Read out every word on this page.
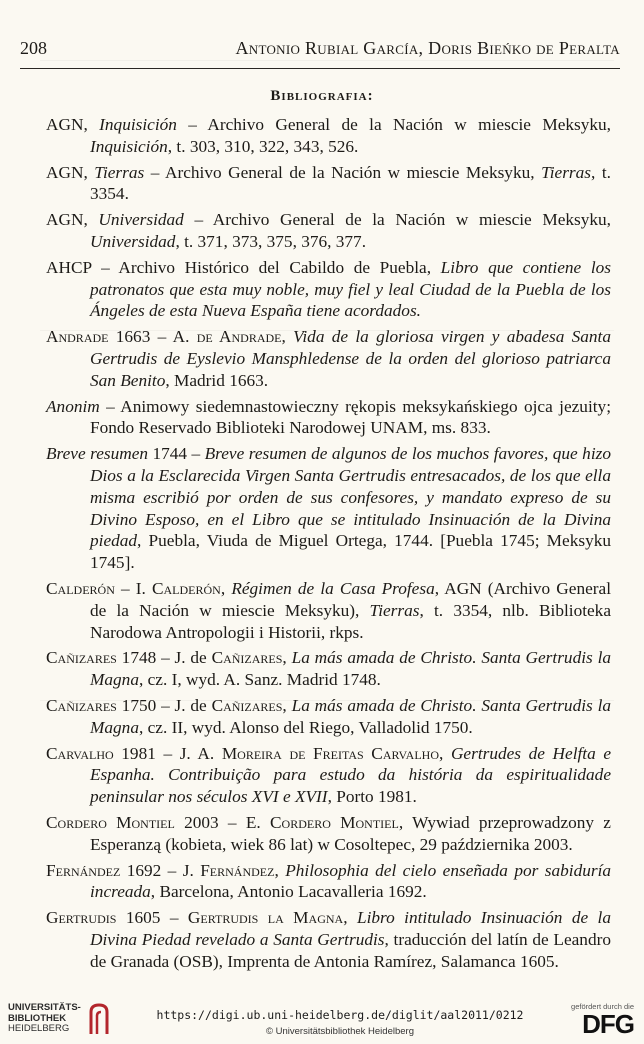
208	Antonio Rubial García, Doris Bieńko de Peralta
Bibliografia:

AGN, Inquisición – Archivo General de la Nación w miescie Meksyku, Inquisición, t. 303, 310, 322, 343, 526.

AGN, Tierras – Archivo General de la Nación w miescie Meksyku, Tierras, t. 3354.

AGN, Universidad – Archivo General de la Nación w miescie Meksyku, Universidad, t. 371, 373, 375, 376, 377.

AHCP – Archivo Histórico del Cabildo de Puebla, Libro que contiene los patronatos que esta muy noble, muy fiel y leal Ciudad de la Puebla de los Ángeles de esta Nueva España tiene acordados.

Andrade 1663 – A. de Andrade, Vida de la gloriosa virgen y abadesa Santa Gertrudis de Eyslevio Mansphledense de la orden del glorioso patriarca San Benito, Madrid 1663.

Anonim – Animowy siedemnastowieczny rękopis meksykańskiego ojca jezuity; Fondo Reservado Biblioteki Narodowej UNAM, ms. 833.

Breve resumen 1744 – Breve resumen de algunos de los muchos favores, que hizo Dios a la Esclarecida Virgen Santa Gertrudis entresacados, de los que ella misma escribió por orden de sus confesores, y mandato expreso de su Divino Esposo, en el Libro que se intitulado Insinuación de la Divina piedad, Puebla, Viuda de Miguel Ortega, 1744. [Puebla 1745; Meksyku 1745].

Calderón – I. Calderón, Régimen de la Casa Profesa, AGN (Archivo General de la Nación w miescie Meksyku), Tierras, t. 3354, nlb. Biblioteka Narodowa Antropologii i Historii, rkps.

Cañizares 1748 – J. de Cañizares, La más amada de Christo. Santa Gertrudis la Magna, cz. I, wyd. A. Sanz. Madrid 1748.

Cañizares 1750 – J. de Cañizares, La más amada de Christo. Santa Gertrudis la Magna, cz. II, wyd. Alonso del Riego, Valladolid 1750.

Carvalho 1981 – J. A. Moreira de Freitas Carvalho, Gertrudes de Helfta e Espanha. Contribuição para estudo da história da espiritualidade peninsular nos séculos XVI e XVII, Porto 1981.

Cordero Montiel 2003 – E. Cordero Montiel, Wywiad przeprowadzony z Esperanzą (kobieta, wiek 86 lat) w Cosoltepec, 29 października 2003.

Fernández 1692 – J. Fernández, Philosophia del cielo enseñada por sabiduría increada, Barcelona, Antonio Lacavalleria 1692.

Gertrudis 1605 – Gertrudis la Magna, Libro intitulado Insinuación de la Divina Piedad revelado a Santa Gertrudis, traducción del latín de Leandro de Granada (OSB), Imprenta de Antonia Ramírez, Salamanca 1605.

UNIVERSITÄTS-
BIBLIOTHEK
HEIDELBERG
https://digi.ub.uni-heidelberg.de/diglit/aal2011/0212
© Universitätsbibliothek Heidelberg
gefördert durch die
DFG
